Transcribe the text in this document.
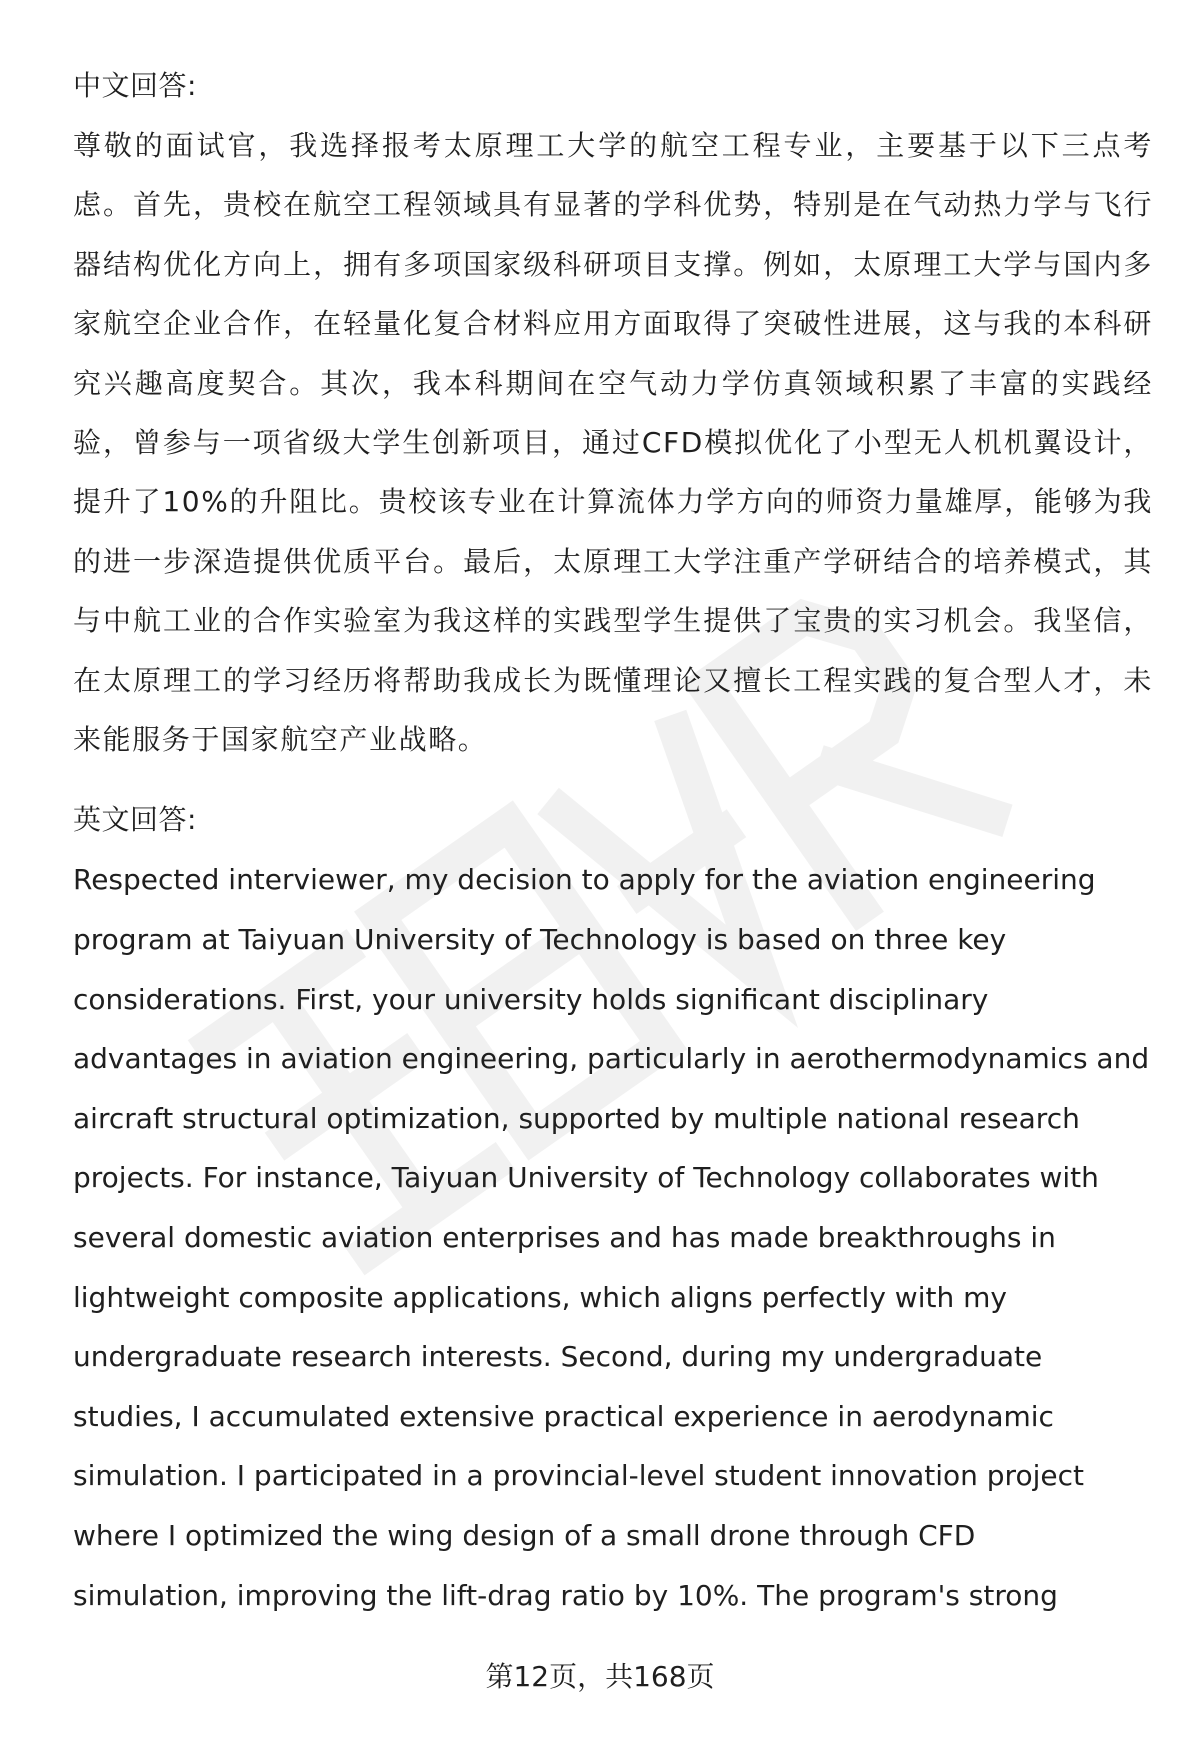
中文回答:

尊敬的面试官，我选择报考太原理工大学的航空工程专业，主要基于以下三点考虑。首先，贵校在航空工程领域具有显著的学科优势，特别是在气动热力学与飞行器结构优化方向上，拥有多项国家级科研项目支撑。例如，太原理工大学与国内多家航空企业合作，在轻量化复合材料应用方面取得了突破性进展，这与我的本科研究兴趣高度契合。其次，我本科期间在空气动力学仿真领域积累了丰富的实践经验，曾参与一项省级大学生创新项目，通过CFD模拟优化了小型无人机机翼设计，提升了10%的升阻比。贵校该专业在计算流体力学方向的师资力量雄厚，能够为我的进一步深造提供优质平台。最后，太原理工大学注重产学研结合的培养模式，其与中航工业的合作实验室为我这样的实践型学生提供了宝贵的实习机会。我坚信，在太原理工的学习经历将帮助我成长为既懂理论又擅长工程实践的复合型人才，未来能服务于国家航空产业战略。

英文回答:
Respected interviewer, my decision to apply for the aviation engineering
program at Taiyuan University of Technology is based on three key
considerations. First, your university holds significant disciplinary
advantages in aviation engineering, particularly in aerothermodynamics and
aircraft structural optimization, supported by multiple national research
projects. For instance, Taiyuan University of Technology collaborates with
several domestic aviation enterprises and has made breakthroughs in
lightweight composite applications, which aligns perfectly with my
undergraduate research interests. Second, during my undergraduate
studies, I accumulated extensive practical experience in aerodynamic
simulation. I participated in a provincial-level student innovation project
where I optimized the wing design of a small drone through CFD
simulation, improving the lift-drag ratio by 10%. The program's strong
第12页，共168页
